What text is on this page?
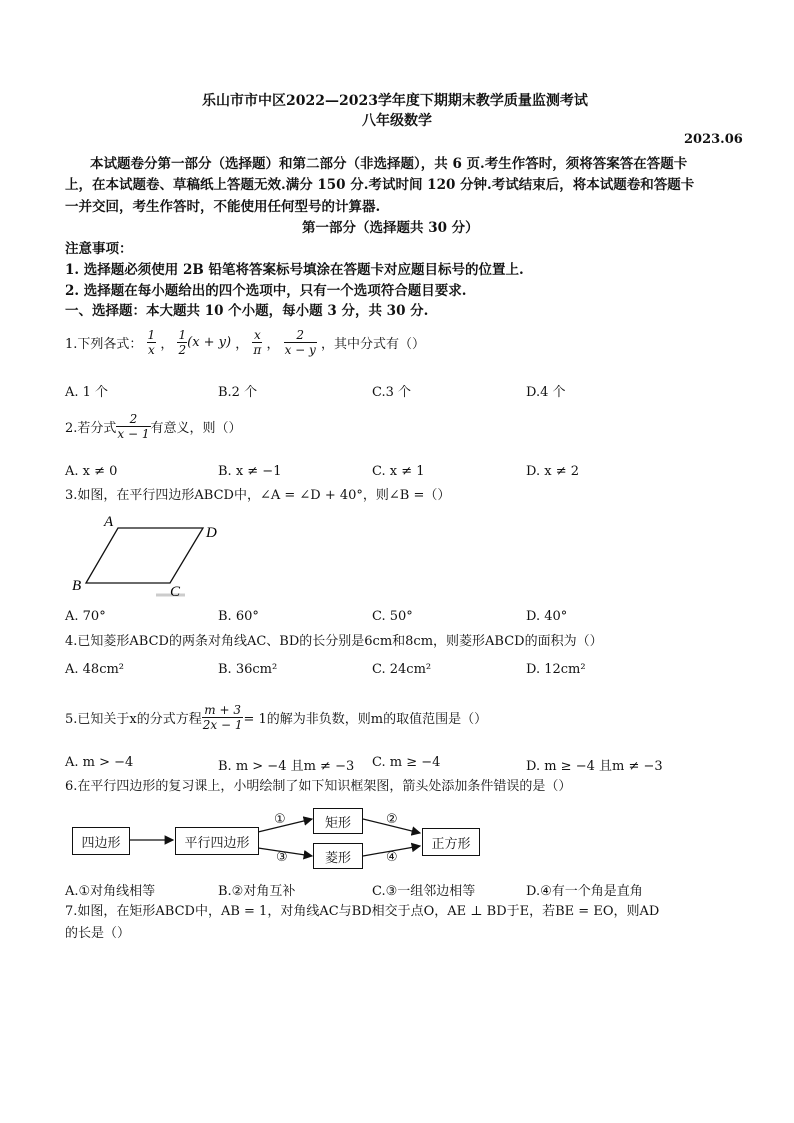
乐山市市中区2022—2023学年度下期期末教学质量监测考试
八年级数学
2023.06
本试题卷分第一部分（选择题）和第二部分（非选择题），共 6 页.考生作答时，须将答案答在答题卡
上，在本试题卷、草稿纸上答题无效.满分 150 分.考试时间 120 分钟.考试结束后，将本试题卷和答题卡
一并交回，考生作答时，不能使用任何型号的计算器.
第一部分（选择题共 30 分）
注意事项：
1. 选择题必须使用 2B 铅笔将答案标号填涂在答题卡对应题目标号的位置上.
2. 选择题在每小题给出的四个选项中，只有一个选项符合题目要求.
一、选择题：本大题共 10 个小题，每小题 3 分，共 30 分.
1.下列各式： $\frac{1}{x}$ ， $\frac{1}{2} (x + y)$ ， $\frac{x}{\pi}$ ， $\frac{2}{x - y}$ ，其中分式有（）
A. 1 个	B.2 个	C.3 个	D.4 个
2.若分式 $\frac{2}{x - 1}$ 有意义，则（）
A. x ≠ 0	B. x ≠ −1	C. x ≠ 1	D. x ≠ 2
3.如图，在平行四边形ABCD中，∠A = ∠D + 40°，则∠B =（）
A
D
B	C
A. 70°	B. 60°	C. 50°	D. 40°
4.已知菱形ABCD的两条对角线AC、BD的长分别是6cm和8cm，则菱形ABCD的面积为（）
A. 48cm²	B. 36cm²	C. 24cm²	D. 12cm²
5.已知关于x的分式方程 $\frac{m + 3}{2x - 1} = 1$的解为非负数，则m的取值范围是（）
A. m > −4	B. m > −4 且m ≠ −3 C. m ≥ −4	D. m ≥ −4 且m ≠ −3
6.在平行四边形的复习课上，小明绘制了如下知识框架图，箭头处添加条件错误的是（）
四边形	平行四边形
矩形
菱形
正方形
①	②
③	④
A.①对角线相等	B.②对角互补	C.③一组邻边相等	D.④有一个角是直角
7.如图，在矩形ABCD中，AB = 1，对角线AC与BD相交于点O，AE ⊥ BD于E，若BE = EO，则AD
的长是（）
